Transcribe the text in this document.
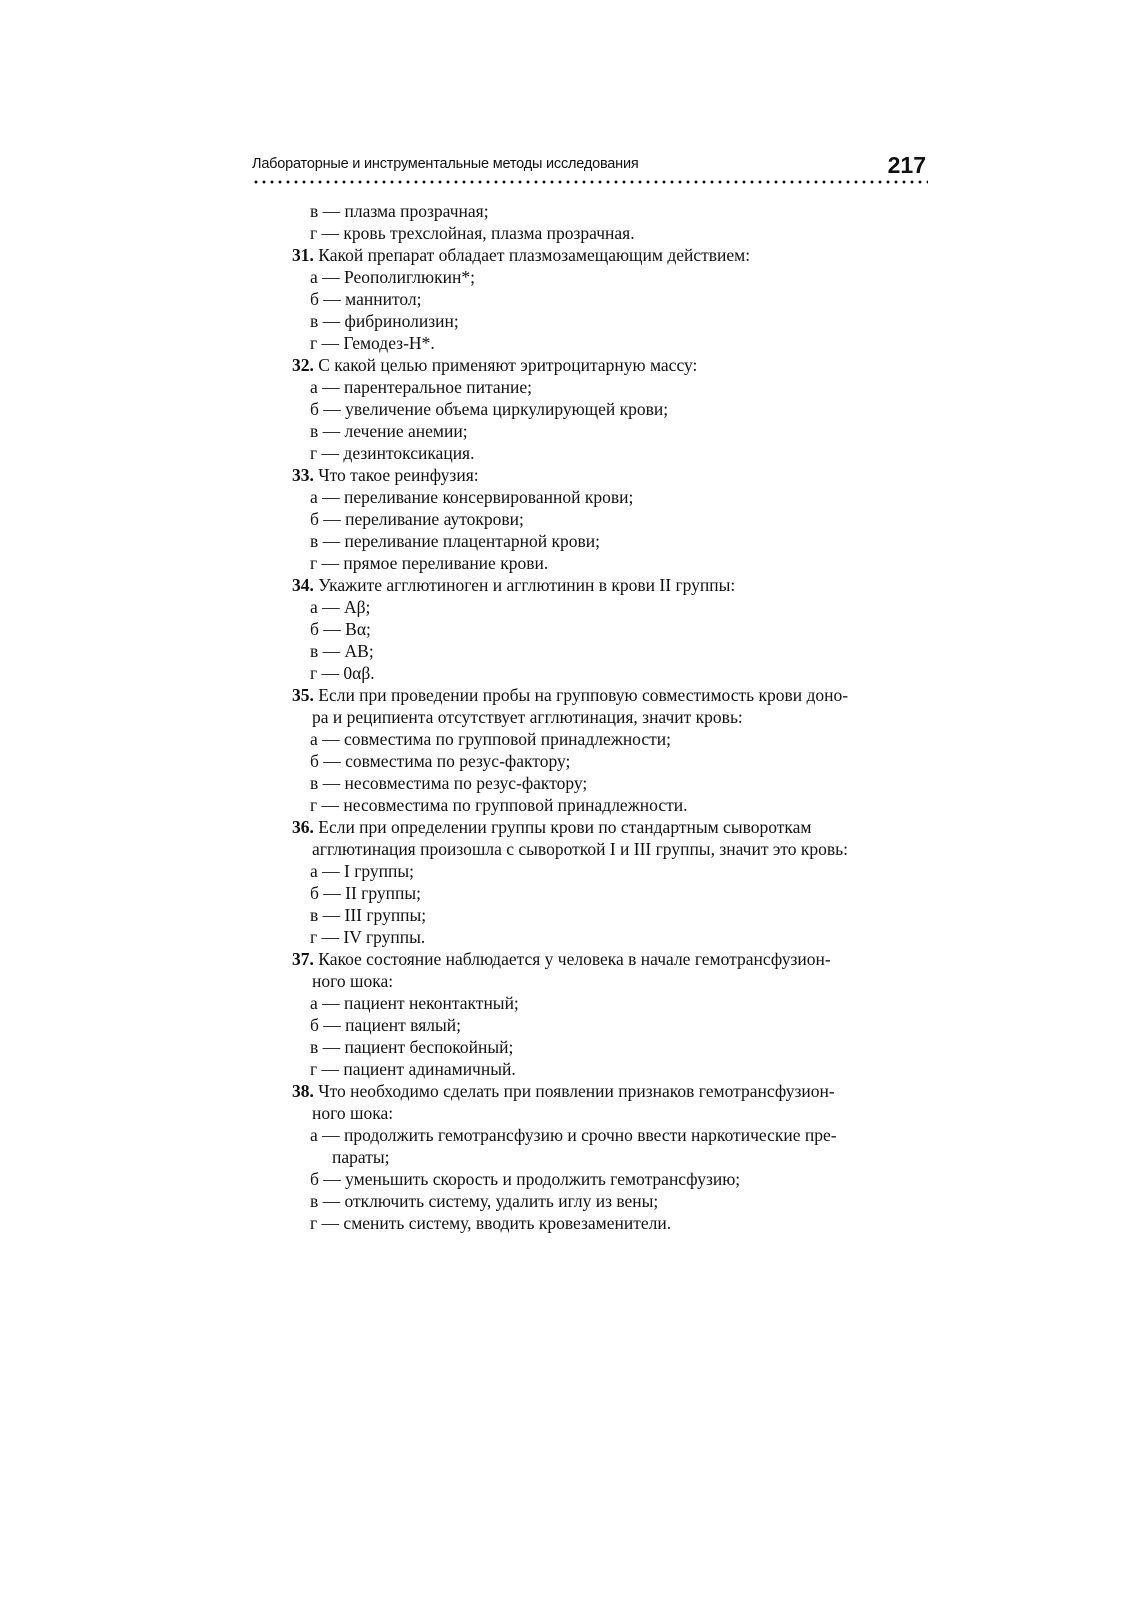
Лабораторные и инструментальные методы исследования	217
в — плазма прозрачная;
г — кровь трехслойная, плазма прозрачная.
31. Какой препарат обладает плазмозамещающим действием:
а — Реополиглюкин*;
б — маннитол;
в — фибринолизин;
г — Гемодез-Н*.
32. С какой целью применяют эритроцитарную массу:
а — парентеральное питание;
б — увеличение объема циркулирующей крови;
в — лечение анемии;
г — дезинтоксикация.
33. Что такое реинфузия:
а — переливание консервированной крови;
б — переливание аутокрови;
в — переливание плацентарной крови;
г — прямое переливание крови.
34. Укажите агглютиноген и агглютинин в крови II группы:
а — Аβ;
б — Вα;
в — АВ;
г — 0αβ.
35. Если при проведении пробы на групповую совместимость крови доно-
ра и реципиента отсутствует агглютинация, значит кровь:
а — совместима по групповой принадлежности;
б — совместима по резус-фактору;
в — несовместима по резус-фактору;
г — несовместима по групповой принадлежности.
36. Если при определении группы крови по стандартным сывороткам
агглютинация произошла с сывороткой I и III группы, значит это кровь:
а — I группы;
б — II группы;
в — III группы;
г — IV группы.
37. Какое состояние наблюдается у человека в начале гемотрансфузион-
ного шока:
а — пациент неконтактный;
б — пациент вялый;
в — пациент беспокойный;
г — пациент адинамичный.
38. Что необходимо сделать при появлении признаков гемотрансфузион-
ного шока:
а — продолжить гемотрансфузию и срочно ввести наркотические пре-
параты;
б — уменьшить скорость и продолжить гемотрансфузию;
в — отключить систему, удалить иглу из вены;
г — сменить систему, вводить кровезаменители.
